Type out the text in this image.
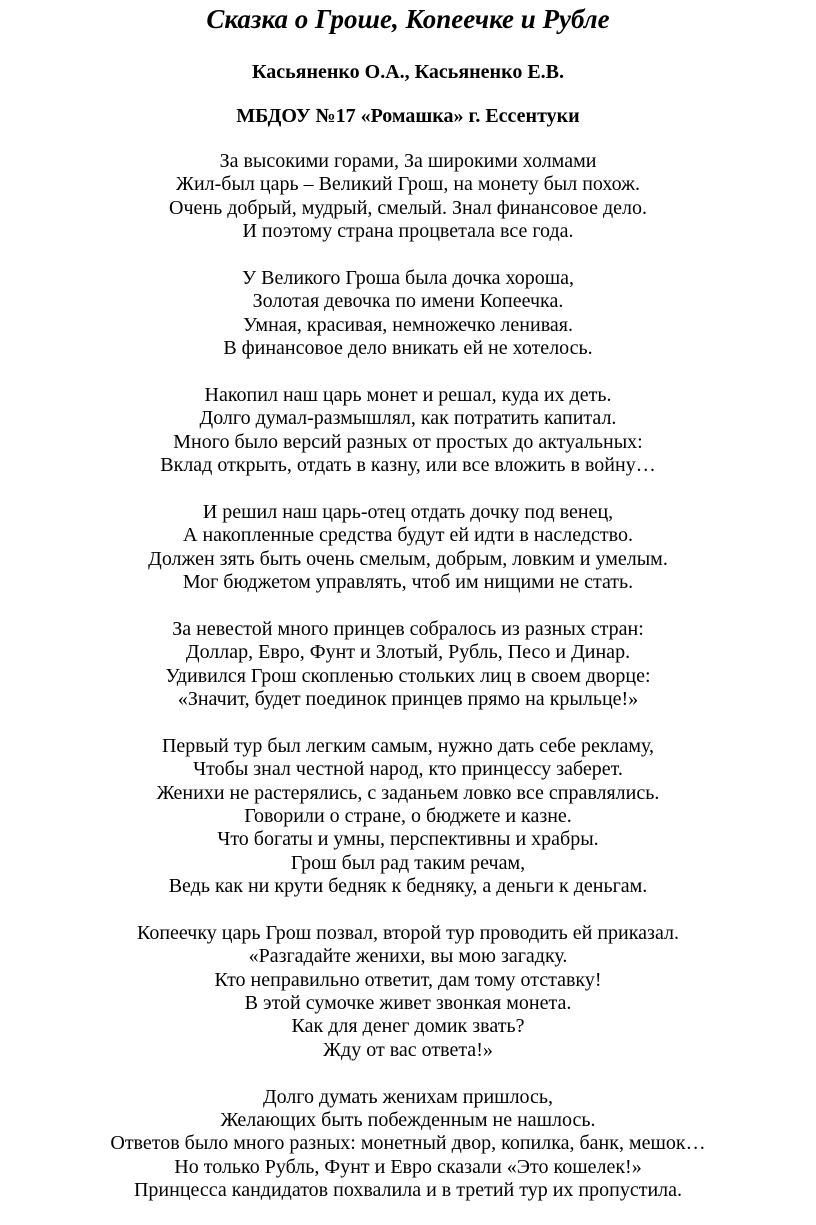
Сказка о Гроше, Копеечке и Рубле
Касьяненко О.А., Касьяненко Е.В.
МБДОУ №17 «Ромашка» г. Ессентуки
За высокими горами, За широкими холмами
Жил-был царь – Великий Грош, на монету был похож.
Очень добрый, мудрый, смелый. Знал финансовое дело.
И поэтому страна процветала все года.
У Великого Гроша была дочка хороша,
Золотая девочка по имени Копеечка.
Умная, красивая, немножечко ленивая.
В финансовое дело вникать ей не хотелось.
Накопил наш царь монет и решал, куда их деть.
Долго думал-размышлял, как потратить капитал.
Много было версий разных от простых до актуальных:
Вклад открыть, отдать в казну, или все вложить в войну…
И решил наш царь-отец отдать дочку под венец,
А накопленные средства будут ей идти в наследство.
Должен зять быть очень смелым, добрым, ловким и умелым.
Мог бюджетом управлять, чтоб им нищими не стать.
За невестой много принцев собралось из разных стран:
Доллар, Евро, Фунт и Злотый, Рубль, Песо и Динар.
Удивился Грош скопленью стольких лиц в своем дворце:
«Значит, будет поединок принцев прямо на крыльце!»
Первый тур был легким самым, нужно дать себе рекламу,
Чтобы знал честной народ, кто принцессу заберет.
Женихи не растерялись, с заданьем ловко все справлялись.
Говорили о стране, о бюджете и казне.
Что богаты и умны, перспективны и храбры.
Грош был рад таким речам,
Ведь как ни крути бедняк к бедняку, а деньги к деньгам.
Копеечку царь Грош позвал, второй тур проводить ей приказал.
«Разгадайте женихи, вы мою загадку.
Кто неправильно ответит, дам тому отставку!
В этой сумочке живет звонкая монета.
Как для денег домик звать?
Жду от вас ответа!»
Долго думать женихам пришлось,
Желающих быть побежденным не нашлось.
Ответов было много разных: монетный двор, копилка, банк, мешок…
Но только Рубль, Фунт и Евро сказали «Это кошелек!»
Принцесса кандидатов похвалила и в третий тур их пропустила.
